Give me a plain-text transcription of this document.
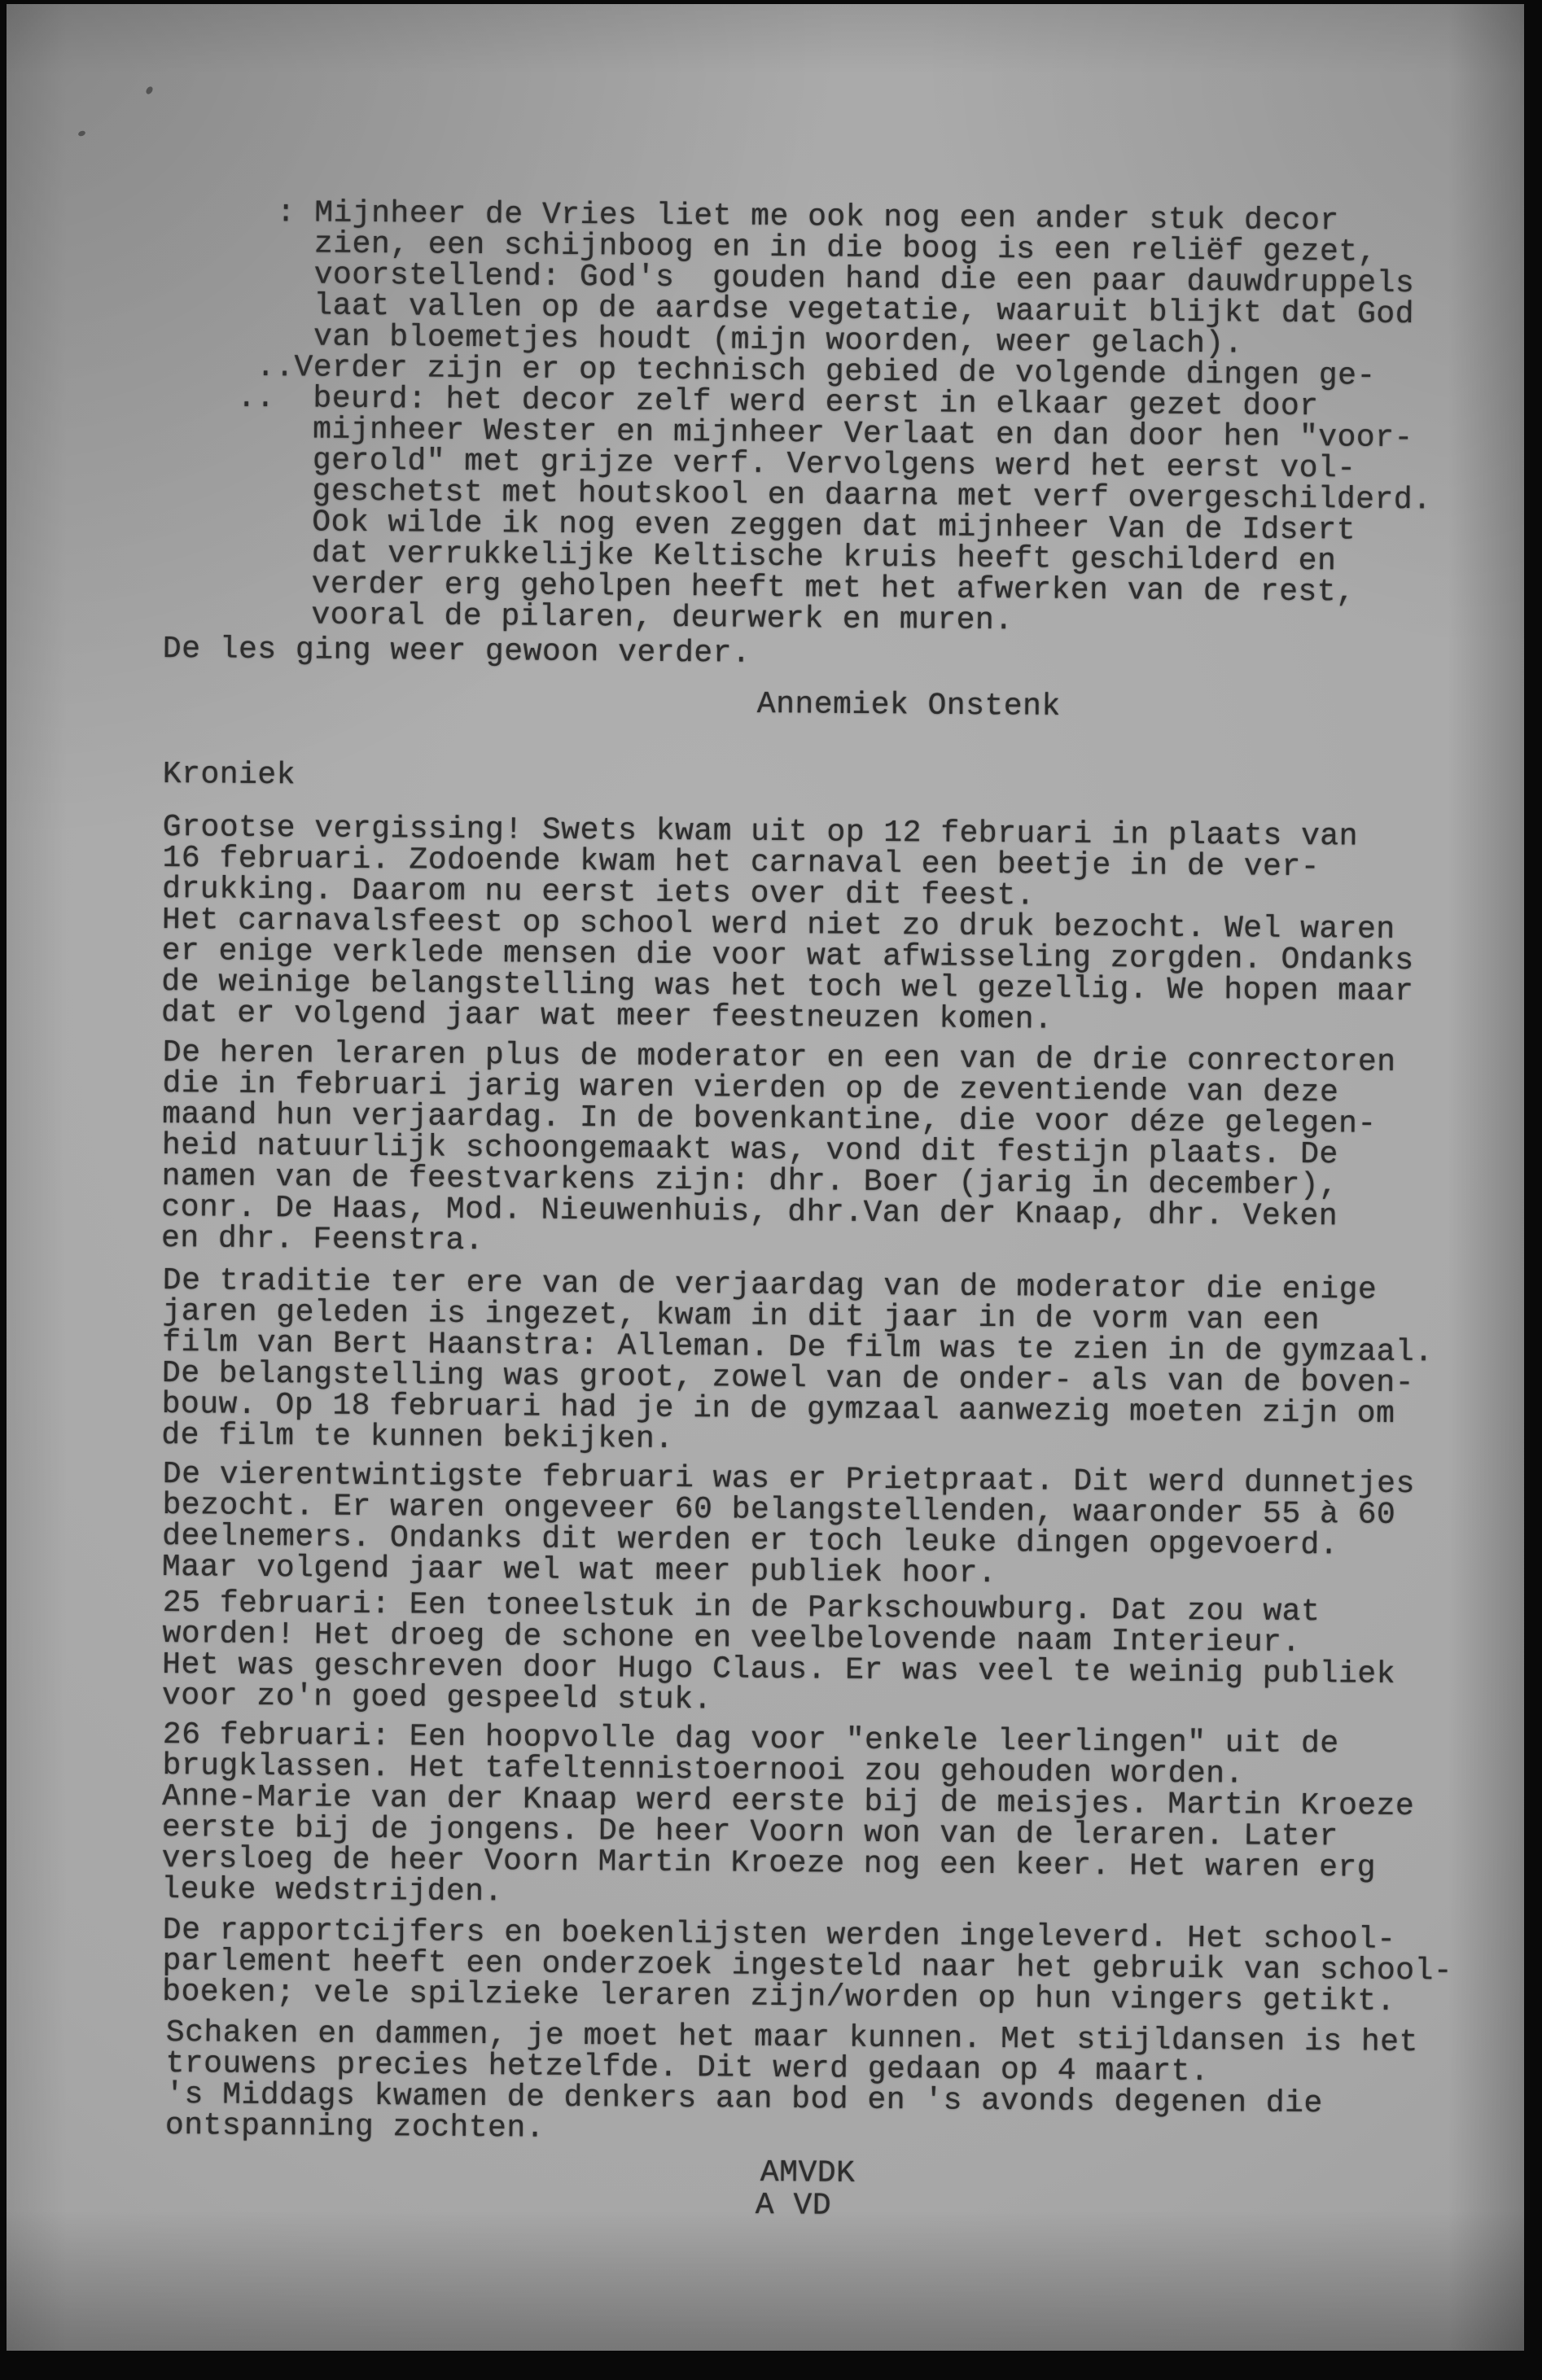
: Mijnheer de Vries liet me ook nog een ander stuk decor
zien, een schijnboog en in die boog is een reliëf gezet,
voorstellend: God's  gouden hand die een paar dauwdruppels
laat vallen op de aardse vegetatie, waaruit blijkt dat God
van bloemetjes houdt (mijn woorden, weer gelach).
..Verder zijn er op technisch gebied de volgende dingen ge-
..  beurd: het decor zelf werd eerst in elkaar gezet door
mijnheer Wester en mijnheer Verlaat en dan door hen "voor-
gerold" met grijze verf. Vervolgens werd het eerst vol-
geschetst met houtskool en daarna met verf overgeschilderd.
Ook wilde ik nog even zeggen dat mijnheer Van de Idsert
dat verrukkelijke Keltische kruis heeft geschilderd en
verder erg geholpen heeft met het afwerken van de rest,
vooral de pilaren, deurwerk en muren.
De les ging weer gewoon verder.
Annemiek Onstenk
Kroniek
Grootse vergissing! Swets kwam uit op 12 februari in plaats van
16 februari. Zodoende kwam het carnaval een beetje in de ver-
drukking. Daarom nu eerst iets over dit feest.
Het carnavalsfeest op school werd niet zo druk bezocht. Wel waren
er enige verklede mensen die voor wat afwisseling zorgden. Ondanks
de weinige belangstelling was het toch wel gezellig. We hopen maar
dat er volgend jaar wat meer feestneuzen komen.
De heren leraren plus de moderator en een van de drie conrectoren
die in februari jarig waren vierden op de zeventiende van deze
maand hun verjaardag. In de bovenkantine, die voor déze gelegen-
heid natuurlijk schoongemaakt was, vond dit festijn plaats. De
namen van de feestvarkens zijn: dhr. Boer (jarig in december),
conr. De Haas, Mod. Nieuwenhuis, dhr.Van der Knaap, dhr. Veken
en dhr. Feenstra.
De traditie ter ere van de verjaardag van de moderator die enige
jaren geleden is ingezet, kwam in dit jaar in de vorm van een
film van Bert Haanstra: Alleman. De film was te zien in de gymzaal.
De belangstelling was groot, zowel van de onder- als van de boven-
bouw. Op 18 februari had je in de gymzaal aanwezig moeten zijn om
de film te kunnen bekijken.
De vierentwintigste februari was er Prietpraat. Dit werd dunnetjes
bezocht. Er waren ongeveer 60 belangstellenden, waaronder 55 à 60
deelnemers. Ondanks dit werden er toch leuke dingen opgevoerd.
Maar volgend jaar wel wat meer publiek hoor.
25 februari: Een toneelstuk in de Parkschouwburg. Dat zou wat
worden! Het droeg de schone en veelbelovende naam Interieur.
Het was geschreven door Hugo Claus. Er was veel te weinig publiek
voor zo'n goed gespeeld stuk.
26 februari: Een hoopvolle dag voor "enkele leerlingen" uit de
brugklassen. Het tafeltennistoernooi zou gehouden worden.
Anne-Marie van der Knaap werd eerste bij de meisjes. Martin Kroeze
eerste bij de jongens. De heer Voorn won van de leraren. Later
versloeg de heer Voorn Martin Kroeze nog een keer. Het waren erg
leuke wedstrijden.
De rapportcijfers en boekenlijsten werden ingeleverd. Het school-
parlement heeft een onderzoek ingesteld naar het gebruik van school-
boeken; vele spilzieke leraren zijn/worden op hun vingers getikt.
Schaken en dammen, je moet het maar kunnen. Met stijldansen is het
trouwens precies hetzelfde. Dit werd gedaan op 4 maart.
's Middags kwamen de denkers aan bod en 's avonds degenen die
ontspanning zochten.
AMVDK
A VD
